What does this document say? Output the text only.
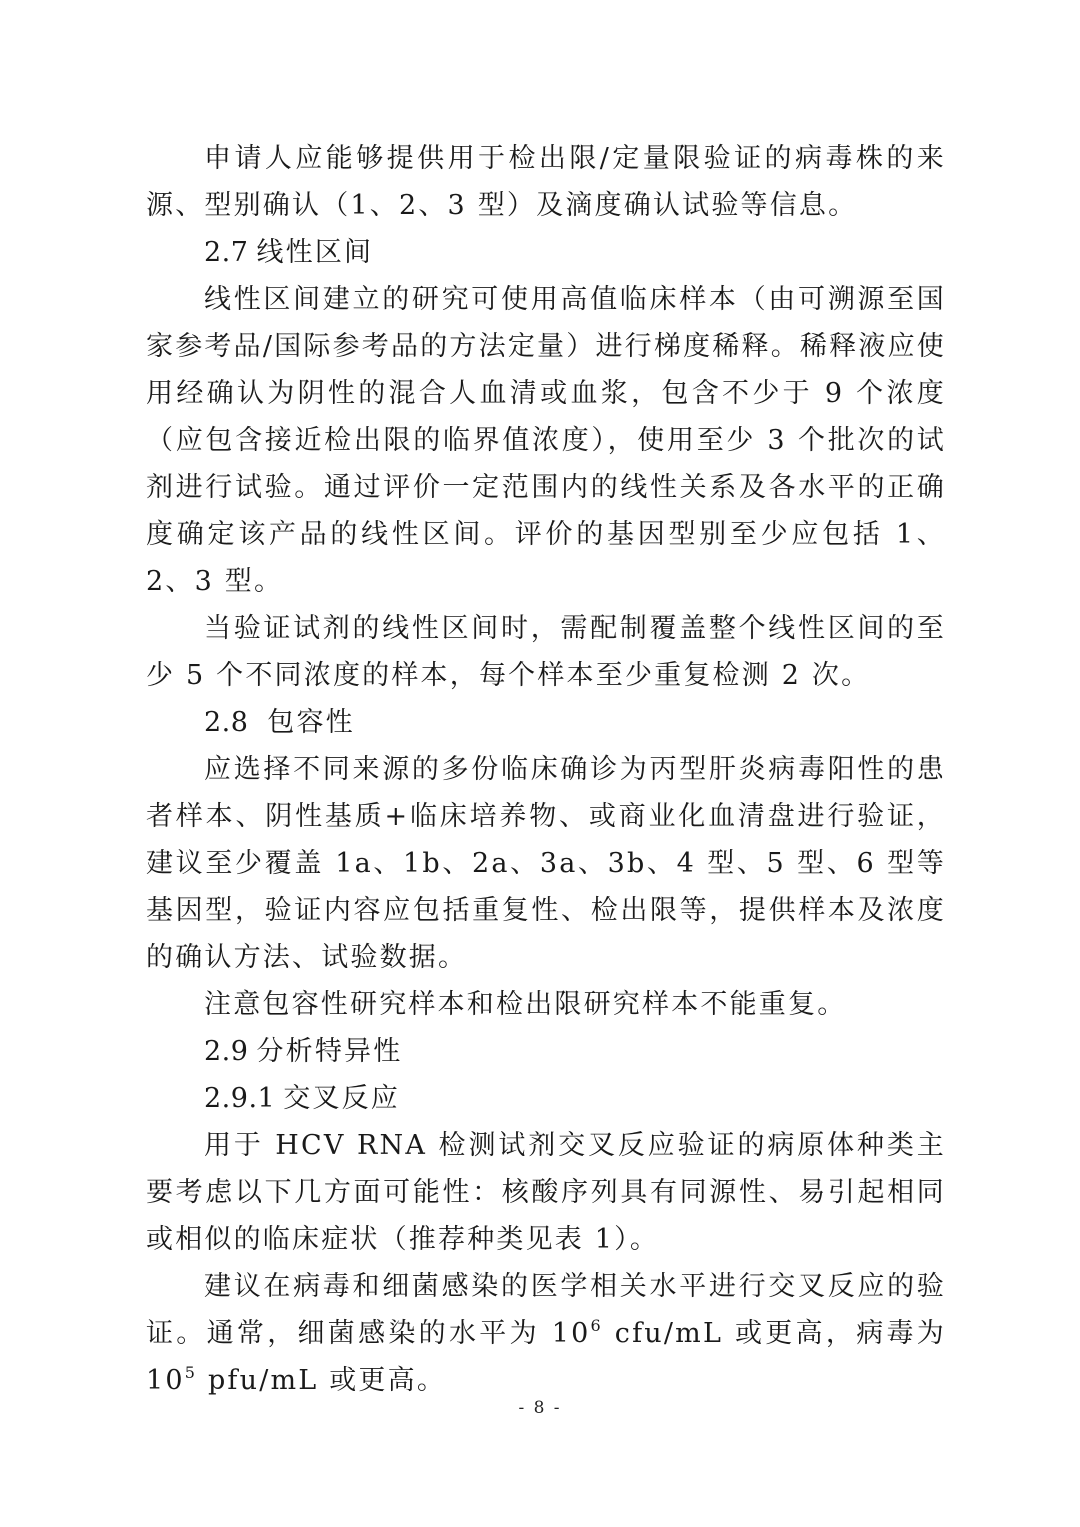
申请人应能够提供用于检出限/定量限验证的病毒株的来源、型别确认（1、2、3 型）及滴度确认试验等信息。

2.7 线性区间

线性区间建立的研究可使用高值临床样本（由可溯源至国家参考品/国际参考品的方法定量）进行梯度稀释。稀释液应使用经确认为阴性的混合人血清或血浆，包含不少于 9 个浓度（应包含接近检出限的临界值浓度），使用至少 3 个批次的试剂进行试验。通过评价一定范围内的线性关系及各水平的正确度确定该产品的线性区间。评价的基因型别至少应包括 1、2、3 型。

当验证试剂的线性区间时，需配制覆盖整个线性区间的至少 5 个不同浓度的样本，每个样本至少重复检测 2 次。

2.8 包容性

应选择不同来源的多份临床确诊为丙型肝炎病毒阳性的患者样本、阴性基质+临床培养物、或商业化血清盘进行验证，建议至少覆盖 1a、1b、2a、3a、3b、4 型、5 型、6 型等基因型，验证内容应包括重复性、检出限等，提供样本及浓度的确认方法、试验数据。

注意包容性研究样本和检出限研究样本不能重复。

2.9 分析特异性

2.9.1 交叉反应

用于 HCV RNA 检测试剂交叉反应验证的病原体种类主要考虑以下几方面可能性：核酸序列具有同源性、易引起相同或相似的临床症状（推荐种类见表 1）。

建议在病毒和细菌感染的医学相关水平进行交叉反应的验证。通常，细菌感染的水平为 $10^6$ cfu/mL 或更高，病毒为 $10^5$ pfu/mL 或更高。

- 8 -
